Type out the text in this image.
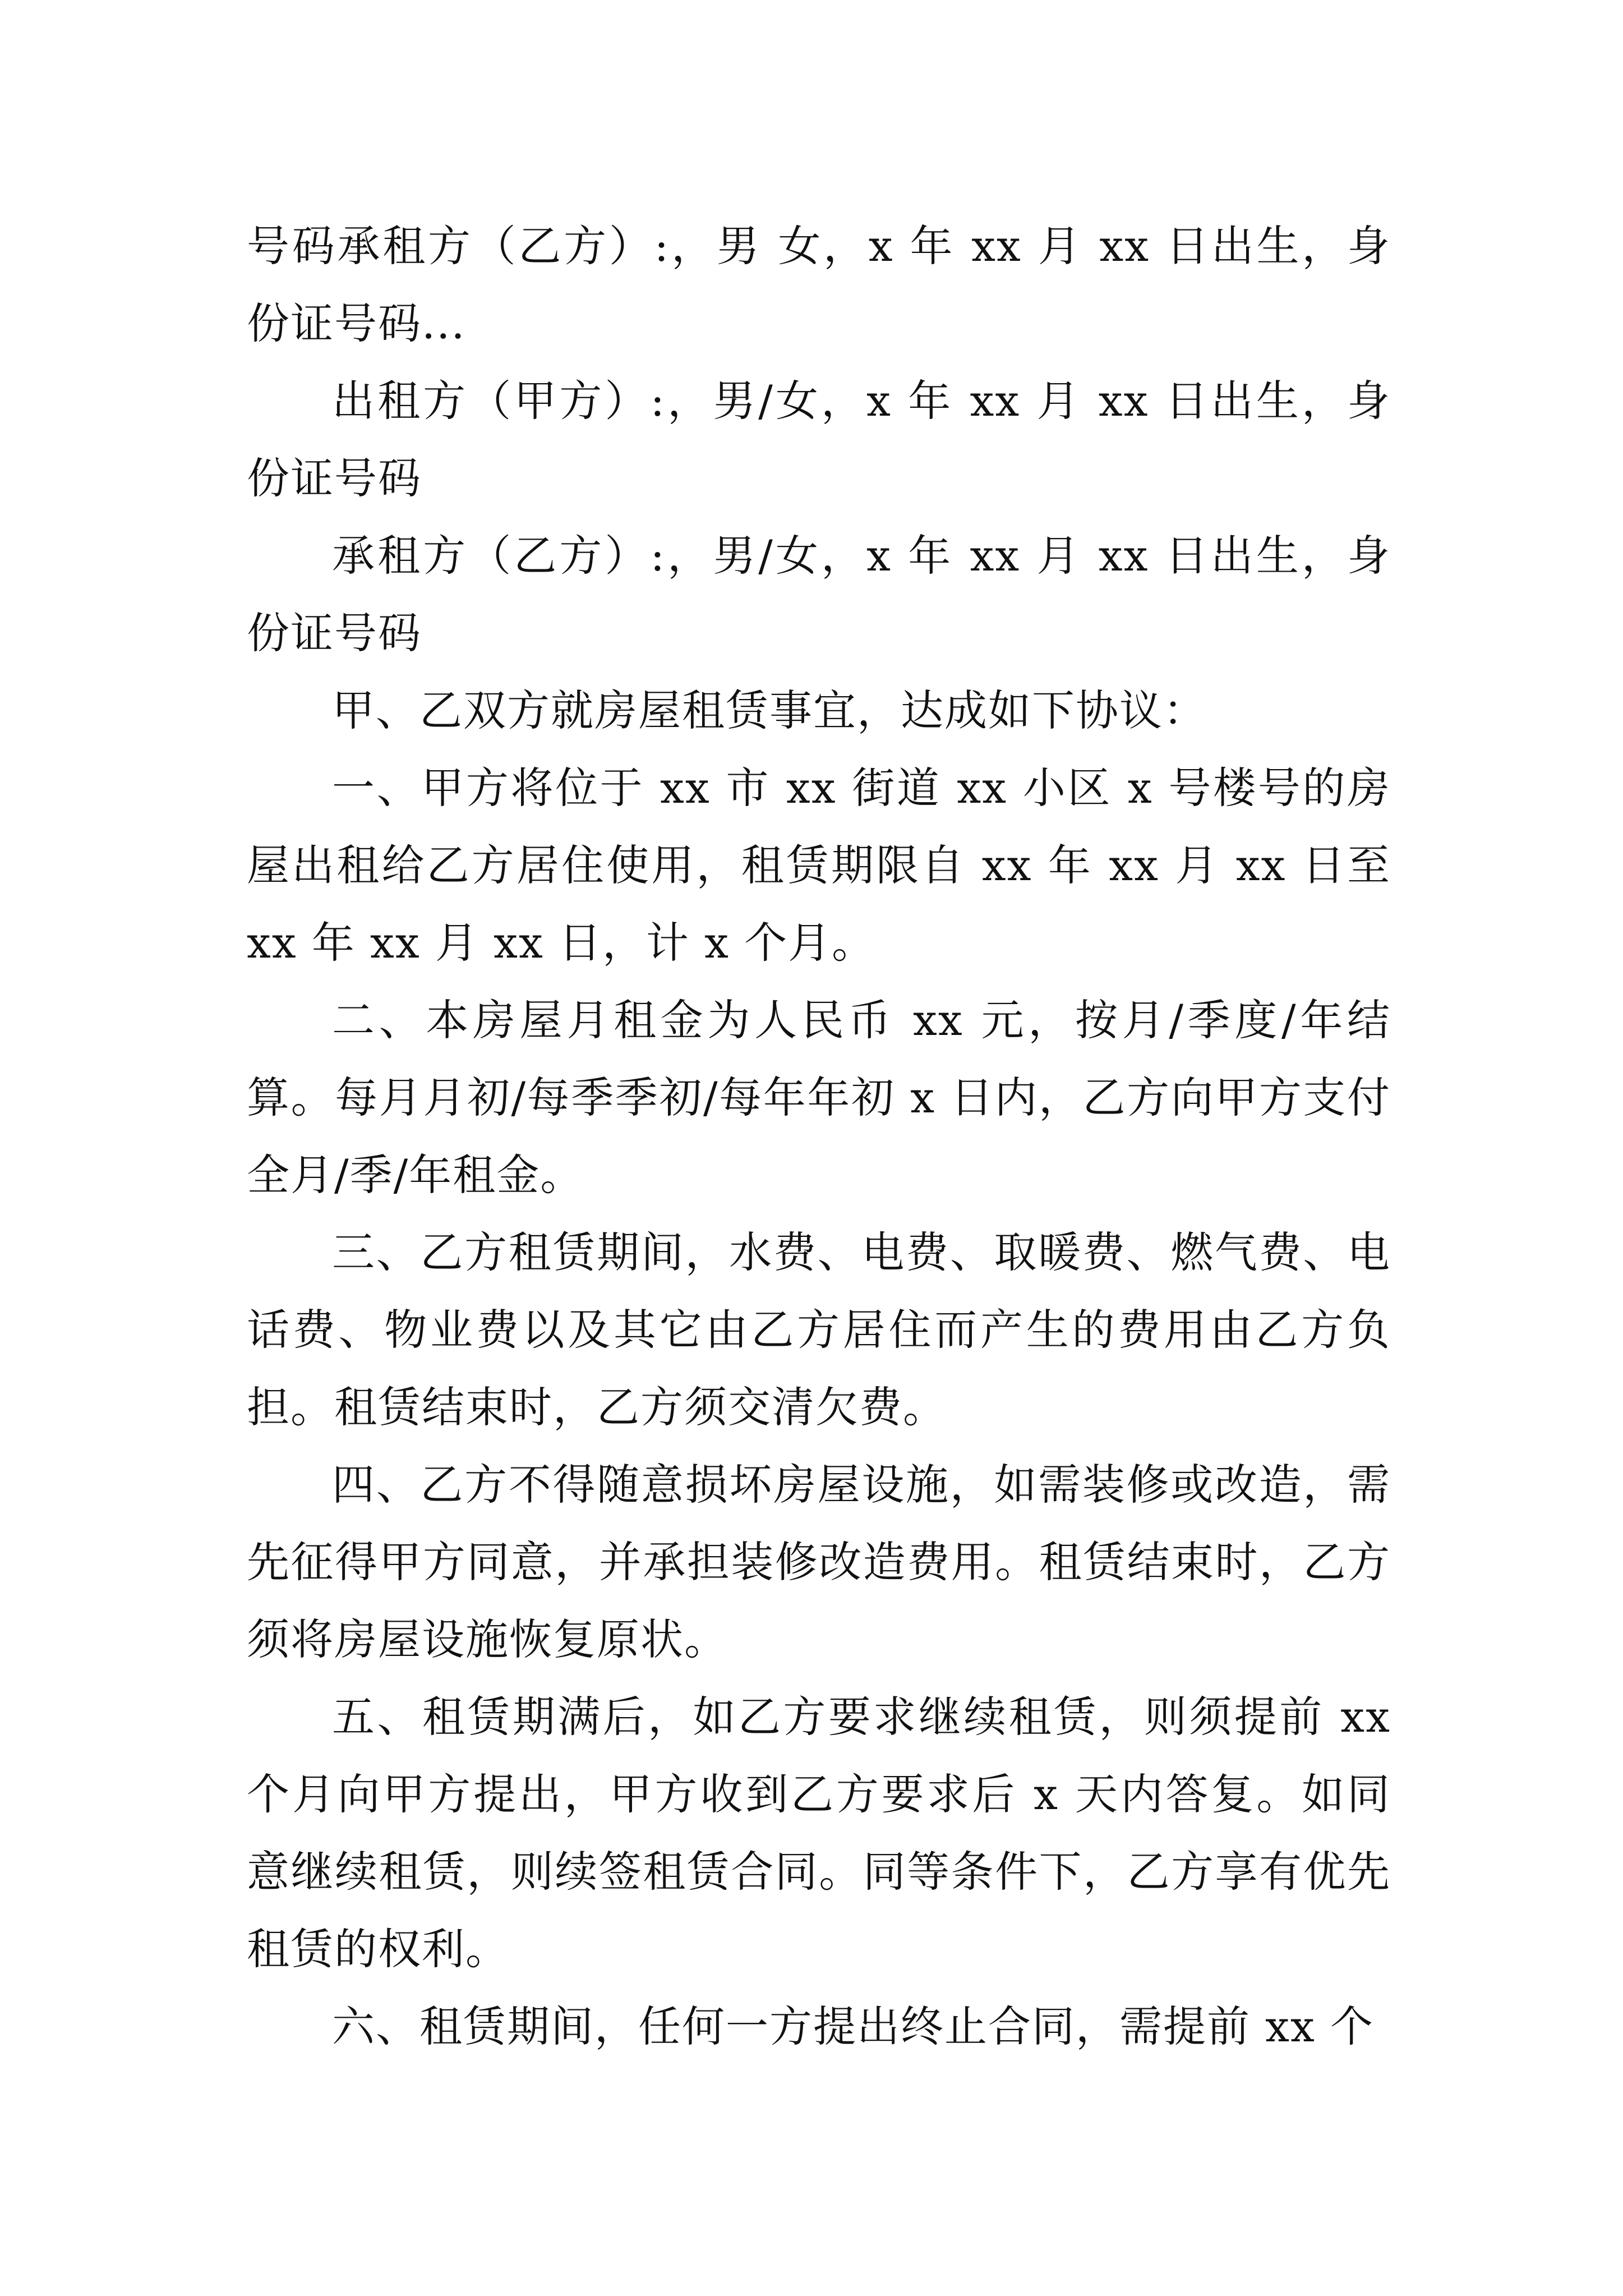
号码承租方（乙方）:，男 女，x 年 xx 月 xx 日出生，身份证号码...

出租方（甲方）:，男/女，x 年 xx 月 xx 日出生，身份证号码

承租方（乙方）:，男/女，x 年 xx 月 xx 日出生，身份证号码

甲、乙双方就房屋租赁事宜，达成如下协议：

一、甲方将位于 xx 市 xx 街道 xx 小区 x 号楼号的房屋出租给乙方居住使用，租赁期限自 xx 年 xx 月 xx 日至 xx 年 xx 月 xx 日，计 x 个月。

二、本房屋月租金为人民币 xx 元，按月/季度/年结算。每月月初/每季季初/每年年初 x 日内，乙方向甲方支付全月/季/年租金。

三、乙方租赁期间，水费、电费、取暖费、燃气费、电话费、物业费以及其它由乙方居住而产生的费用由乙方负担。租赁结束时，乙方须交清欠费。

四、乙方不得随意损坏房屋设施，如需装修或改造，需先征得甲方同意，并承担装修改造费用。租赁结束时，乙方须将房屋设施恢复原状。

五、租赁期满后，如乙方要求继续租赁，则须提前 xx 个月向甲方提出，甲方收到乙方要求后 x 天内答复。如同意继续租赁，则续签租赁合同。同等条件下，乙方享有优先租赁的权利。

六、租赁期间，任何一方提出终止合同，需提前 xx 个
